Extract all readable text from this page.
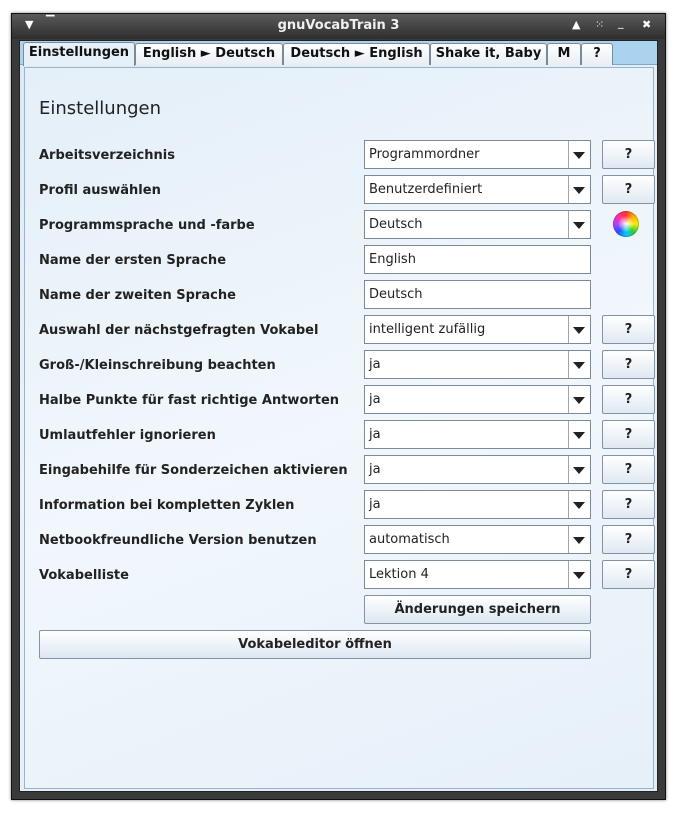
▼ ▔	gnuVocabTrain 3	▲ ⁙ _ ✖
Einstellungen	English ► Deutsch	Deutsch ► English	Shake it, Baby	M	?
Einstellungen
Arbeitsverzeichnis	Programmordner	?
Profil auswählen	Benutzerdefiniert	?
Programmsprache und -farbe	Deutsch
Name der ersten Sprache	English
Name der zweiten Sprache	Deutsch
Auswahl der nächstgefragten Vokabel	intelligent zufällig	?
Groß-/Kleinschreibung beachten	ja	?
Halbe Punkte für fast richtige Antworten ja	?
Umlautfehler ignorieren	ja	?
Eingabehilfe für Sonderzeichen aktivieren ja	?
Information bei kompletten Zyklen	ja	?
Netbookfreundliche Version benutzen	automatisch	?
Vokabelliste	Lektion 4	?
Änderungen speichern
Vokabeleditor öffnen
